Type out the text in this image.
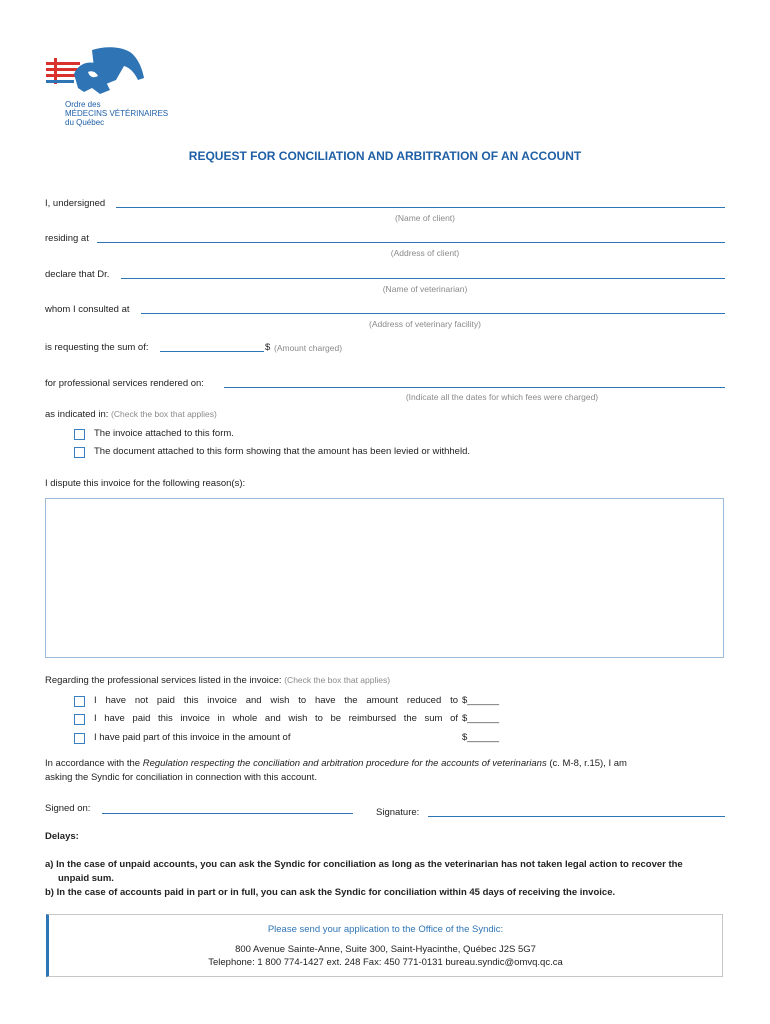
Ordre des
MÉDECINS VÉTÉRINAIRES
du Québec
REQUEST FOR CONCILIATION AND ARBITRATION OF AN ACCOUNT
I, undersigned
(Name of client)
residing at
(Address of client)
declare that Dr.
(Name of veterinarian)
whom I consulted at
(Address of veterinary facility)
is requesting the sum of:	$ (Amount charged)
for professional services rendered on:
(Indicate all the dates for which fees were charged)
as indicated in: (Check the box that applies)
The invoice attached to this form.
The document attached to this form showing that the amount has been levied or withheld.
I dispute this invoice for the following reason(s):
Regarding the professional services listed in the invoice: (Check the box that applies)
I have not paid this invoice and wish to have the amount reduced to $______
I have paid this invoice in whole and wish to be reimbursed the sum of $______
I have paid part of this invoice in the amount of	$______
In accordance with the Regulation respecting the conciliation and arbitration procedure for the accounts of veterinarians (c. M-8, r.15), I am
asking the Syndic for conciliation in connection with this account.
Signed on:	Signature:
Delays:
a) In the case of unpaid accounts, you can ask the Syndic for conciliation as long as the veterinarian has not taken legal action to recover the
unpaid sum.
b) In the case of accounts paid in part or in full, you can ask the Syndic for conciliation within 45 days of receiving the invoice.
Please send your application to the Office of the Syndic:
800 Avenue Sainte-Anne, Suite 300, Saint-Hyacinthe, Québec J2S 5G7
Telephone: 1 800 774-1427 ext. 248 Fax: 450 771-0131 bureau.syndic@omvq.qc.ca
